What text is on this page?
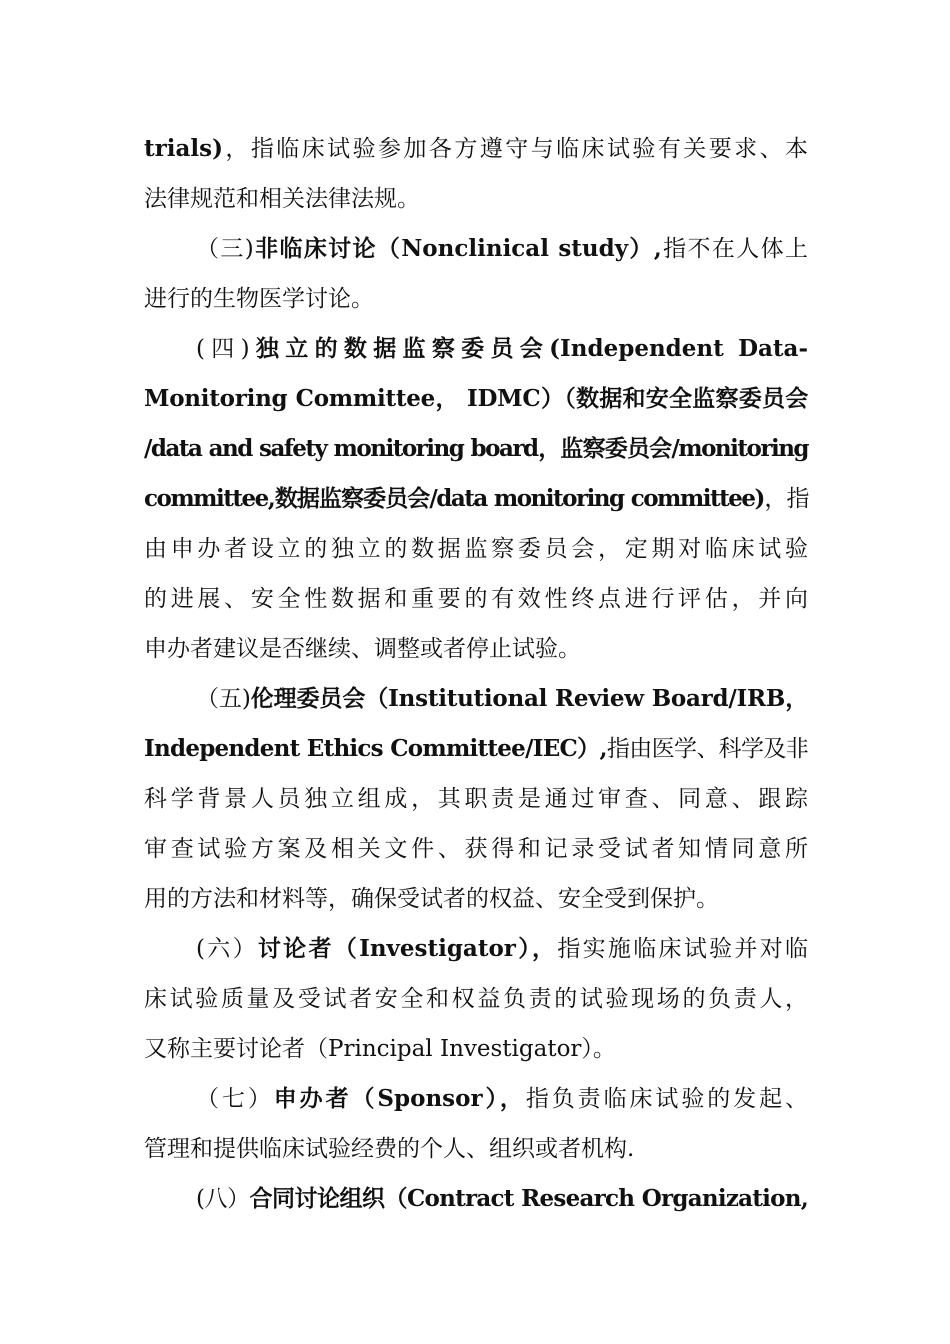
trials)，指临床试验参加各方遵守与临床试验有关要求、本
法律规范和相关法律法规。
（三)非临床讨论（Nonclinical study）,指不在人体上
进行的生物医学讨论。
(四)独立的数据监察委员会(Independent Data-
Monitoring Committee， IDMC）（数据和安全监察委员会
/data and safety monitoring board，监察委员会/monitoring
committee,数据监察委员会/data monitoring committee)，指
由申办者设立的独立的数据监察委员会，定期对临床试验
的进展、安全性数据和重要的有效性终点进行评估，并向
申办者建议是否继续、调整或者停止试验。
（五)伦理委员会（Institutional Review Board/IRB，
Independent Ethics Committee/IEC）,指由医学、科学及非
科学背景人员独立组成，其职责是通过审查、同意、跟踪
审查试验方案及相关文件、获得和记录受试者知情同意所
用的方法和材料等，确保受试者的权益、安全受到保护。
(六）讨论者（Investigator），指实施临床试验并对临
床试验质量及受试者安全和权益负责的试验现场的负责人，
又称主要讨论者（Principal Investigator）。
（七）申办者（Sponsor），指负责临床试验的发起、
管理和提供临床试验经费的个人、组织或者机构.
(八）合同讨论组织（Contract Research Organization,
